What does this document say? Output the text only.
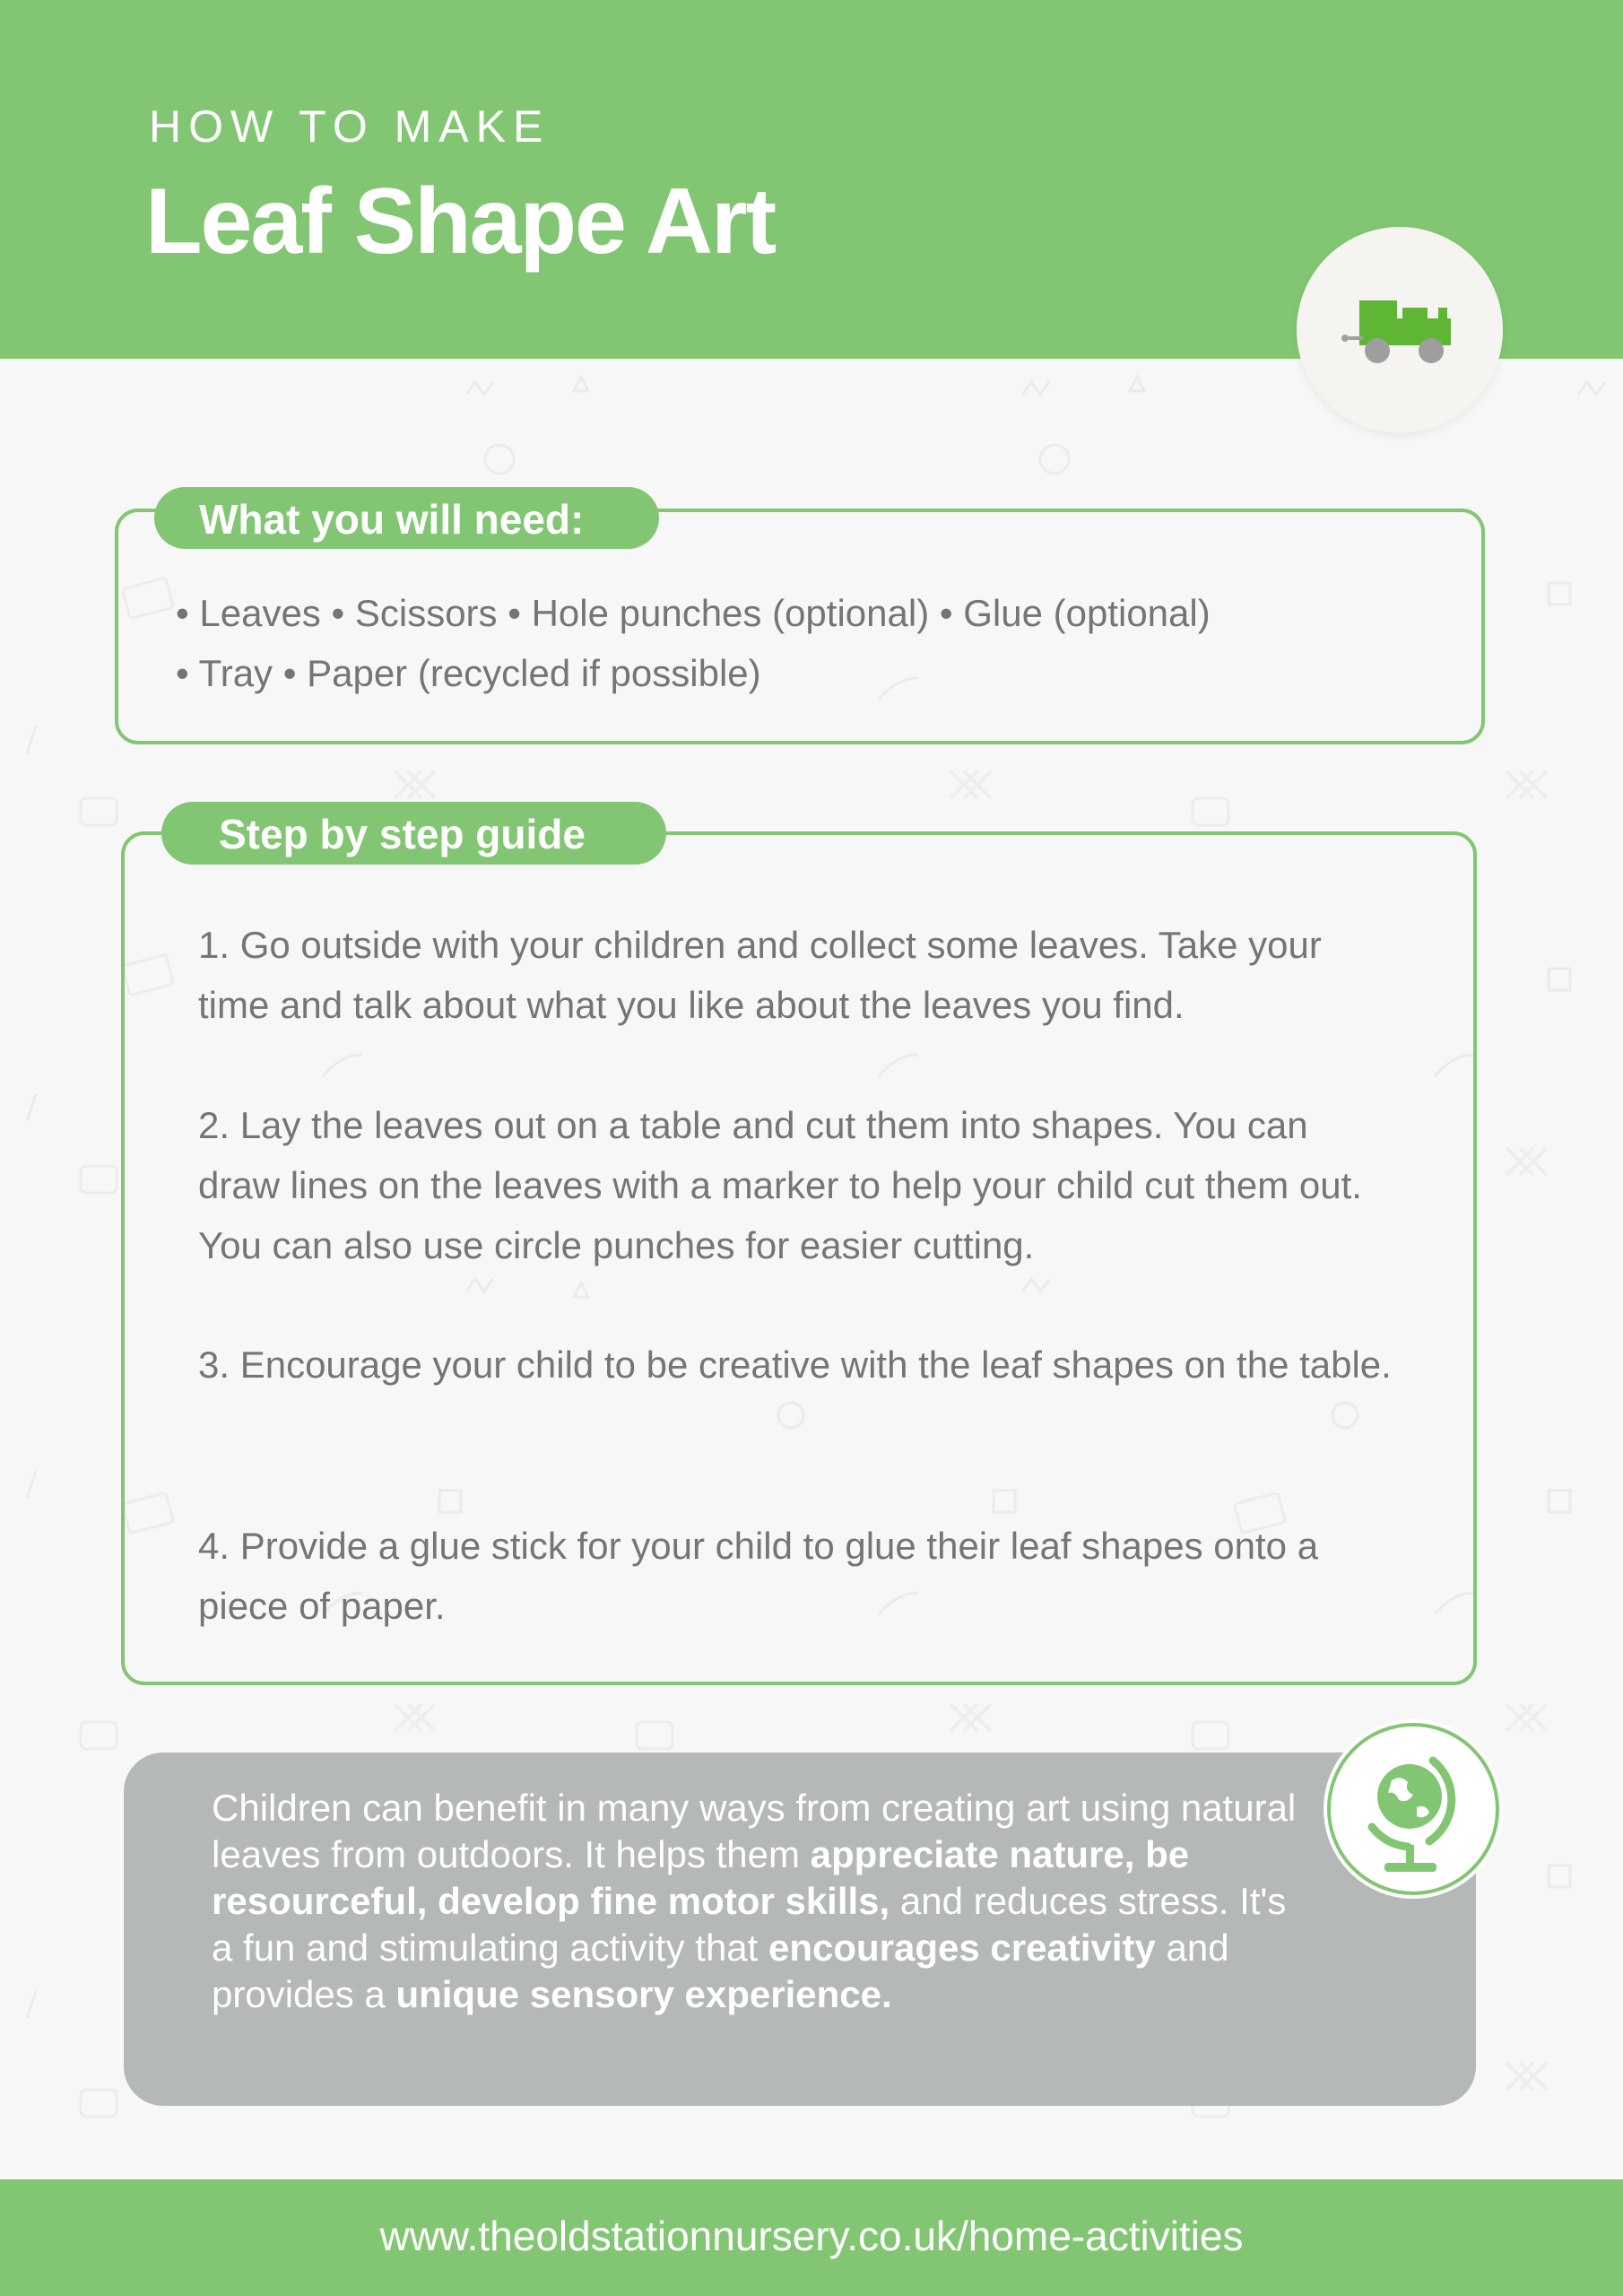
HOW TO MAKE
Leaf Shape Art
What you will need:
• Leaves • Scissors • Hole punches (optional) • Glue (optional)
• Tray • Paper (recycled if possible)
Step by step guide

1. Go outside with your children and collect some leaves. Take your time and talk about what you like about the leaves you find.

2. Lay the leaves out on a table and cut them into shapes. You can draw lines on the leaves with a marker to help your child cut them out. You can also use circle punches for easier cutting.

3. Encourage your child to be creative with the leaf shapes on the table.

4. Provide a glue stick for your child to glue their leaf shapes onto a piece of paper.

Children can benefit in many ways from creating art using natural leaves from outdoors. It helps them appreciate nature, be resourceful, develop fine motor skills, and reduces stress. It's a fun and stimulating activity that encourages creativity and provides a unique sensory experience.

www.theoldstationnursery.co.uk/home-activities
